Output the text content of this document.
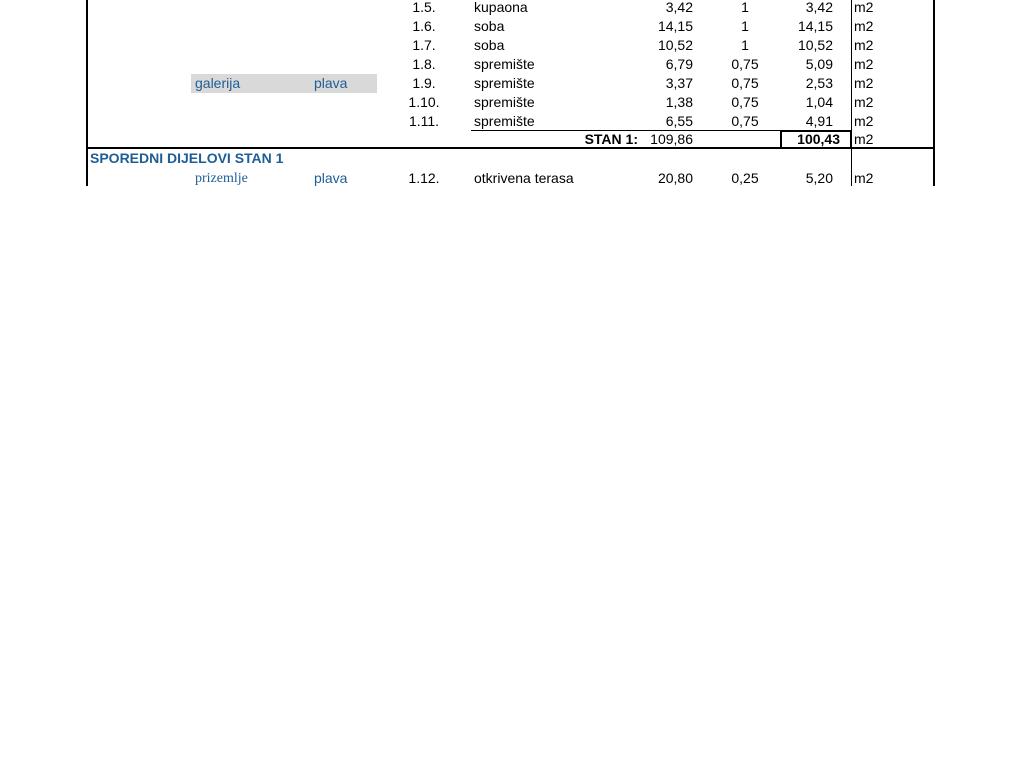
1.5.	kupaona	3,42	1	3,42 m2
1.6.	soba	14,15	1	14,15 m2
1.7.	soba	10,52	1	10,52 m2
1.8.	spremište	6,79	0,75	5,09 m2
galerija	plava	1.9.	spremište	3,37	0,75	2,53 m2
1.10.	spremište	1,38	0,75	1,04 m2
1.11.	spremište	6,55	0,75	4,91 m2
STAN 1: 109,86	100,43	m2
SPOREDNI DIJELOVI STAN 1
prizemlje	plava	1.12.	otkrivena terasa	20,80	0,25	5,20 m2
